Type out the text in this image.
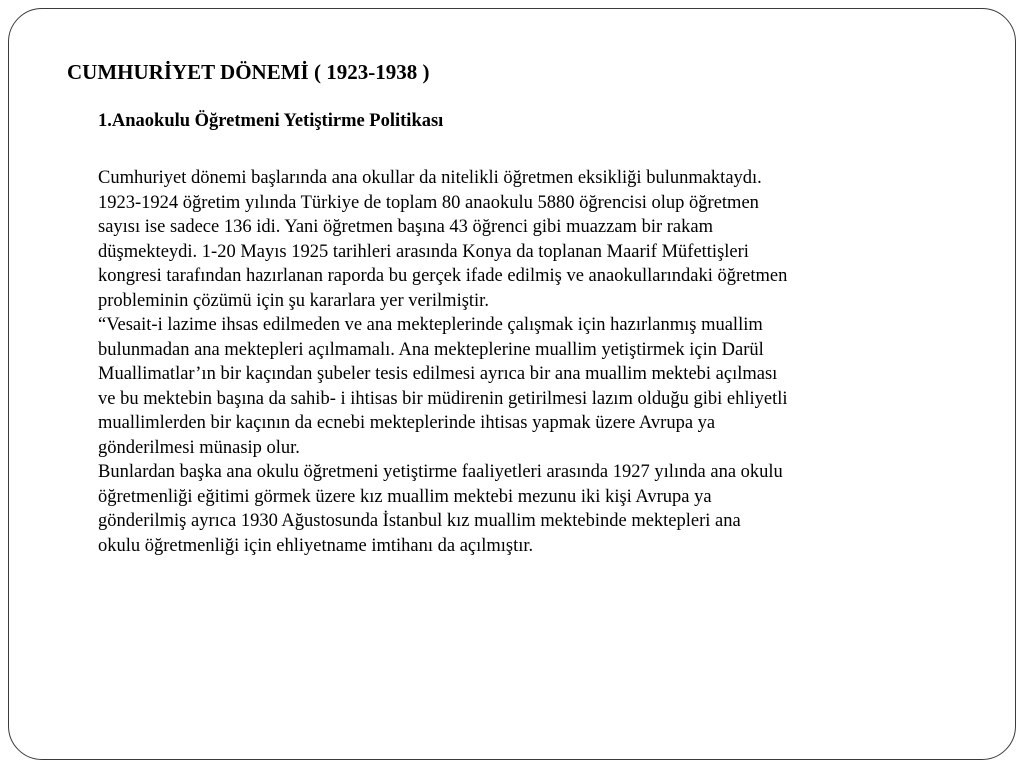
CUMHURİYET DÖNEMİ ( 1923-1938 )
1.Anaokulu Öğretmeni Yetiştirme Politikası
Cumhuriyet dönemi başlarında ana okullar da nitelikli öğretmen eksikliği bulunmaktaydı.
1923-1924 öğretim yılında Türkiye de toplam 80 anaokulu 5880 öğrencisi olup öğretmen
sayısı ise sadece 136 idi. Yani öğretmen başına 43 öğrenci gibi muazzam bir rakam
düşmekteydi. 1-20 Mayıs 1925 tarihleri arasında Konya da toplanan Maarif Müfettişleri
kongresi tarafından hazırlanan raporda bu gerçek ifade edilmiş ve anaokullarındaki öğretmen
probleminin çözümü için şu kararlara yer verilmiştir.
“Vesait-i lazime ihsas edilmeden ve ana mekteplerinde çalışmak için hazırlanmış muallim
bulunmadan ana mektepleri açılmamalı. Ana mekteplerine muallim yetiştirmek için Darül
Muallimatlar’ın bir kaçından şubeler tesis edilmesi ayrıca bir ana muallim mektebi açılması
ve bu mektebin başına da sahib- i ihtisas bir müdirenin getirilmesi lazım olduğu gibi ehliyetli
muallimlerden bir kaçının da ecnebi mekteplerinde ihtisas yapmak üzere Avrupa ya
gönderilmesi münasip olur.
Bunlardan başka ana okulu öğretmeni yetiştirme faaliyetleri arasında 1927 yılında ana okulu
öğretmenliği eğitimi görmek üzere kız muallim mektebi mezunu iki kişi Avrupa ya
gönderilmiş ayrıca 1930 Ağustosunda İstanbul kız muallim mektebinde mektepleri ana
okulu öğretmenliği için ehliyetname imtihanı da açılmıştır.
